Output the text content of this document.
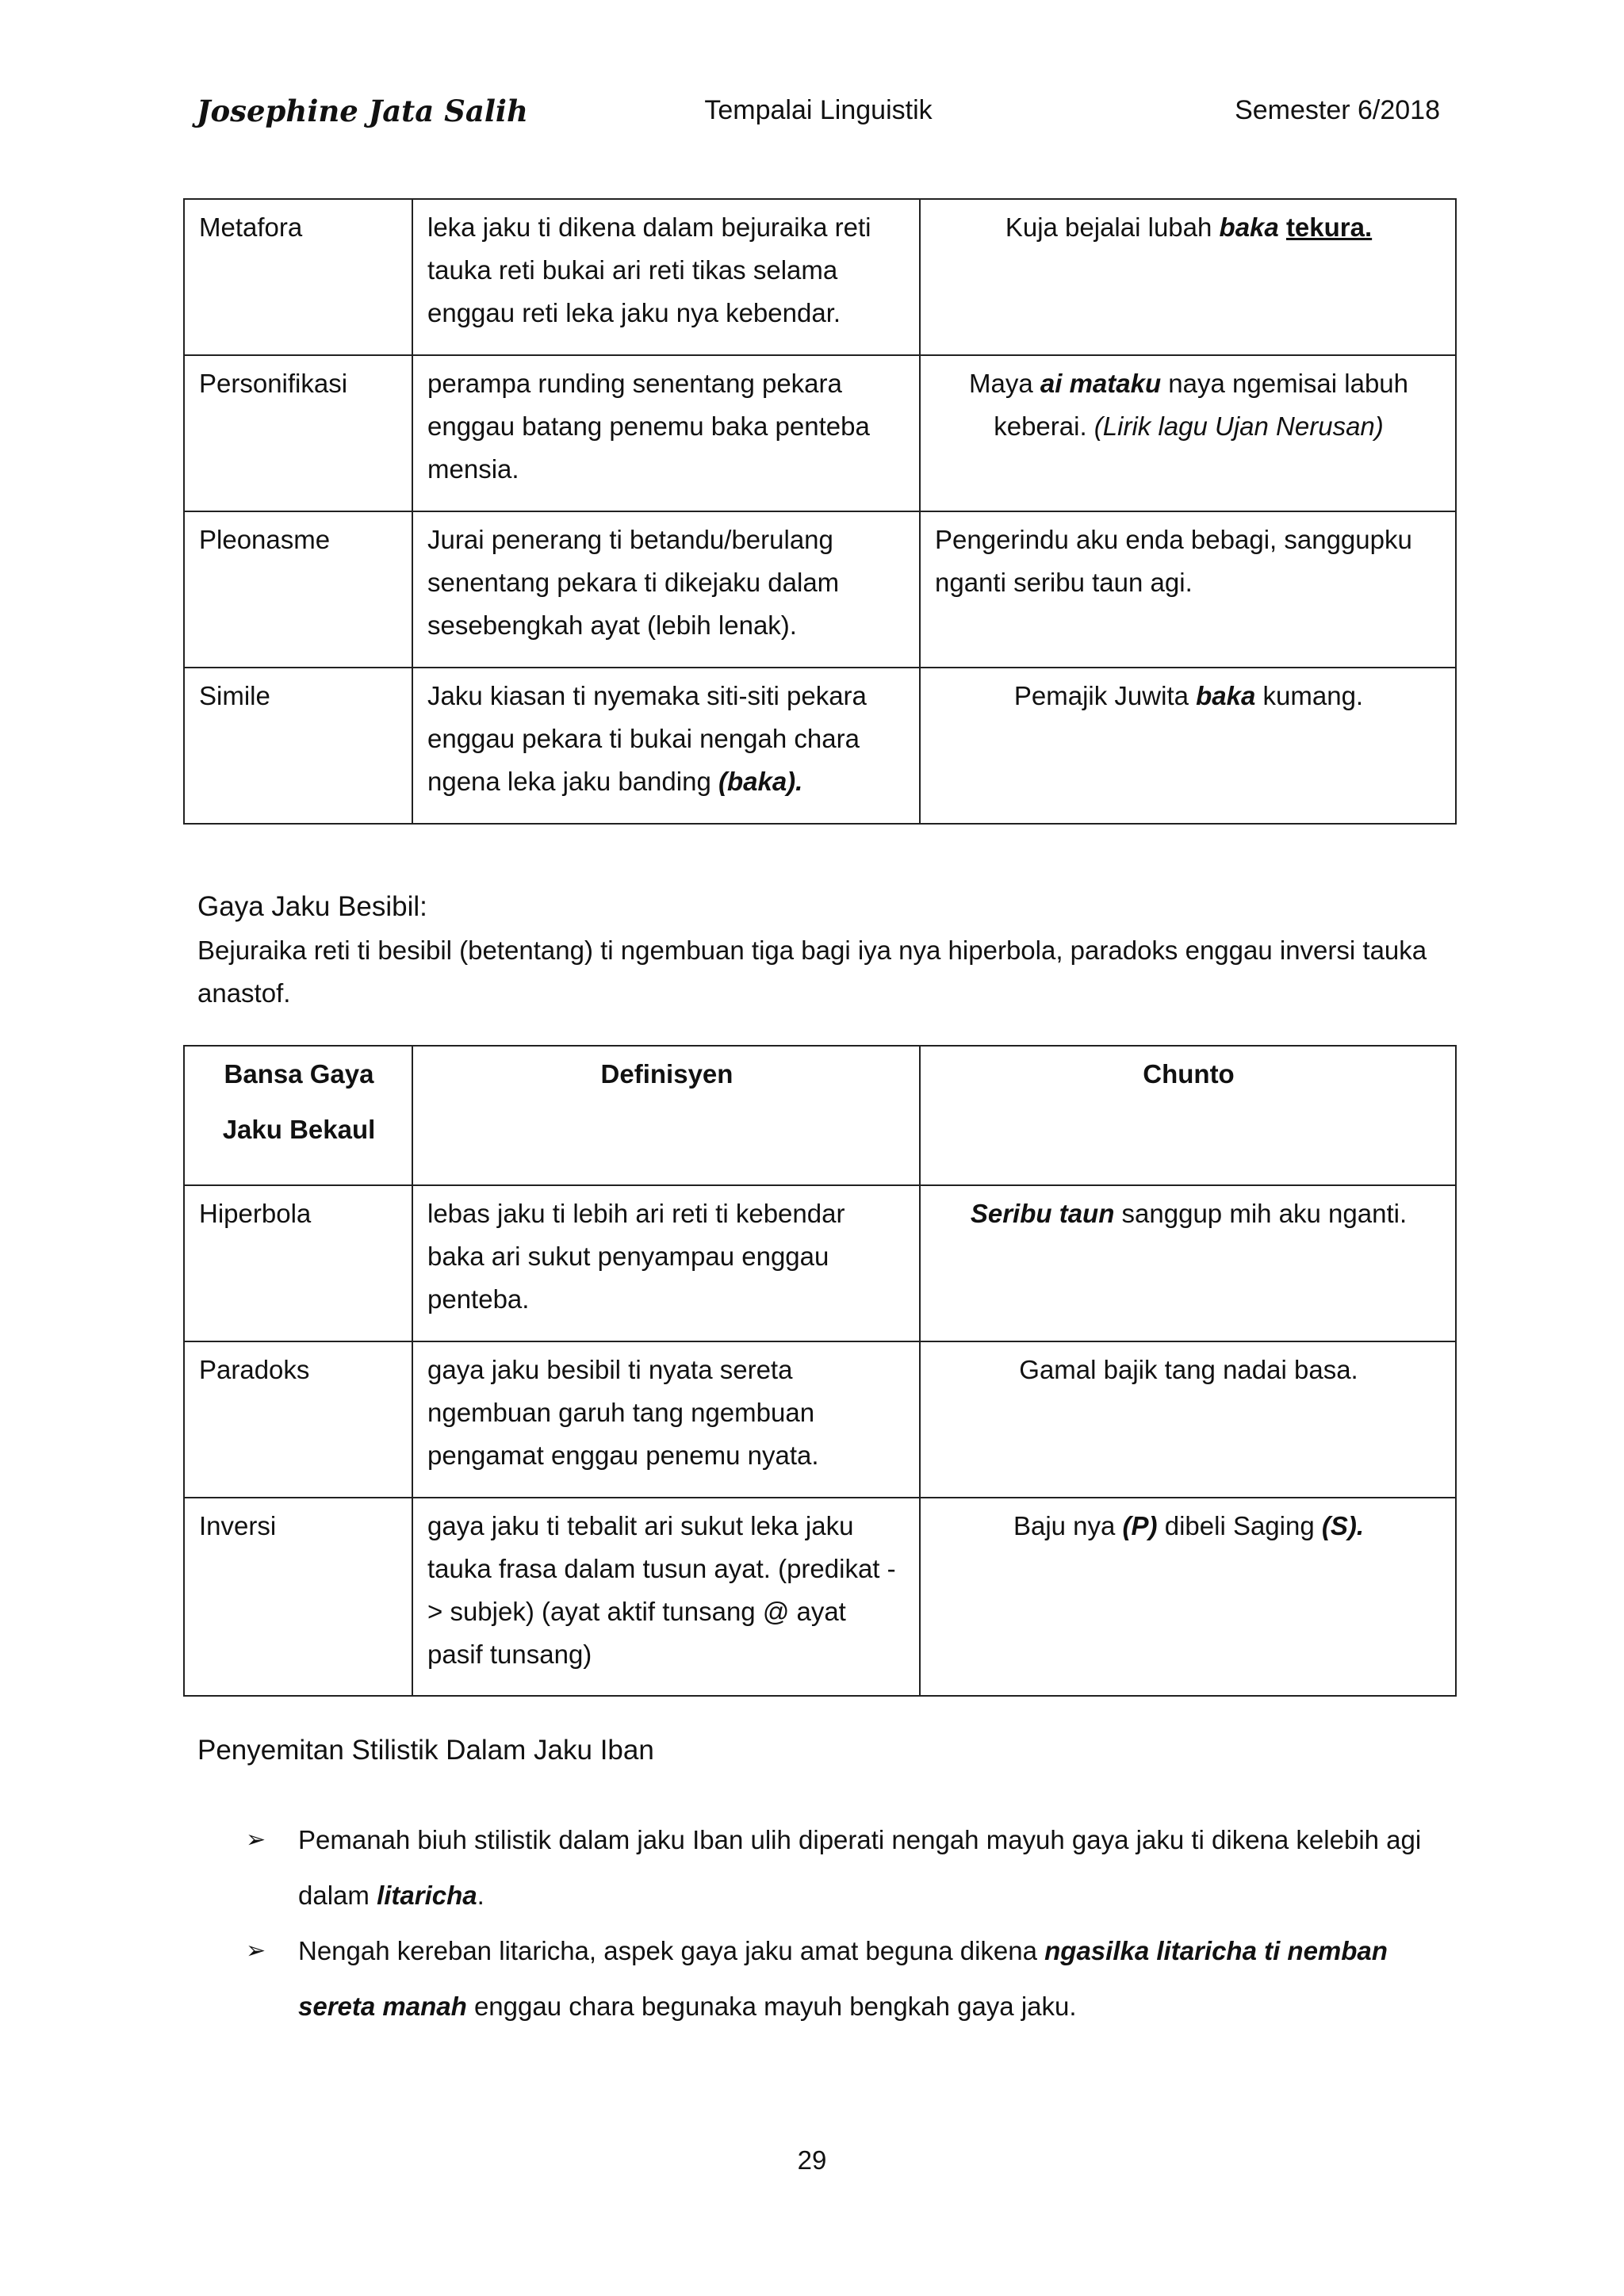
Josephine Jata Salih	Tempalai Linguistik	Semester 6/2018
Metafora	leka jaku ti dikena dalam bejuraika reti tauka reti bukai ari reti tikas selama enggau reti leka jaku nya kebendar.	Kuja bejalai lubah baka tekura.
Personifikasi	perampa runding senentang pekara enggau batang penemu baka penteba mensia.	Maya ai mataku naya ngemisai labuh keberai. (Lirik lagu Ujan Nerusan)
Pleonasme	Jurai penerang ti betandu/berulang senentang pekara ti dikejaku dalam sesebengkah ayat (lebih lenak).	Pengerindu aku enda bebagi, sanggupku nganti seribu taun agi.
Simile	Jaku kiasan ti nyemaka siti-siti pekara enggau pekara ti bukai nengah chara ngena leka jaku banding (baka).	Pemajik Juwita baka kumang.
Gaya Jaku Besibil:
Bejuraika reti ti besibil (betentang) ti ngembuan tiga bagi iya nya hiperbola, paradoks enggau inversi tauka anastof.
Bansa Gaya
Jaku Bekaul	Definisyen	Chunto
Hiperbola	lebas jaku ti lebih ari reti ti kebendar baka ari sukut penyampau enggau penteba.	Seribu taun sanggup mih aku nganti.
Paradoks	gaya jaku besibil ti nyata sereta ngembuan garuh tang ngembuan pengamat enggau penemu nyata.	Gamal bajik tang nadai basa.
Inversi	gaya jaku ti tebalit ari sukut leka jaku tauka frasa dalam tusun ayat. (predikat -> subjek) (ayat aktif tunsang @ ayat pasif tunsang)	Baju nya (P) dibeli Saging (S).
Penyemitan Stilistik Dalam Jaku Iban
➢ Pemanah biuh stilistik dalam jaku Iban ulih diperati nengah mayuh gaya jaku ti dikena kelebih agi dalam litaricha.
➢ Nengah kereban litaricha, aspek gaya jaku amat beguna dikena ngasilka litaricha ti nemban sereta manah enggau chara begunaka mayuh bengkah gaya jaku.
29
